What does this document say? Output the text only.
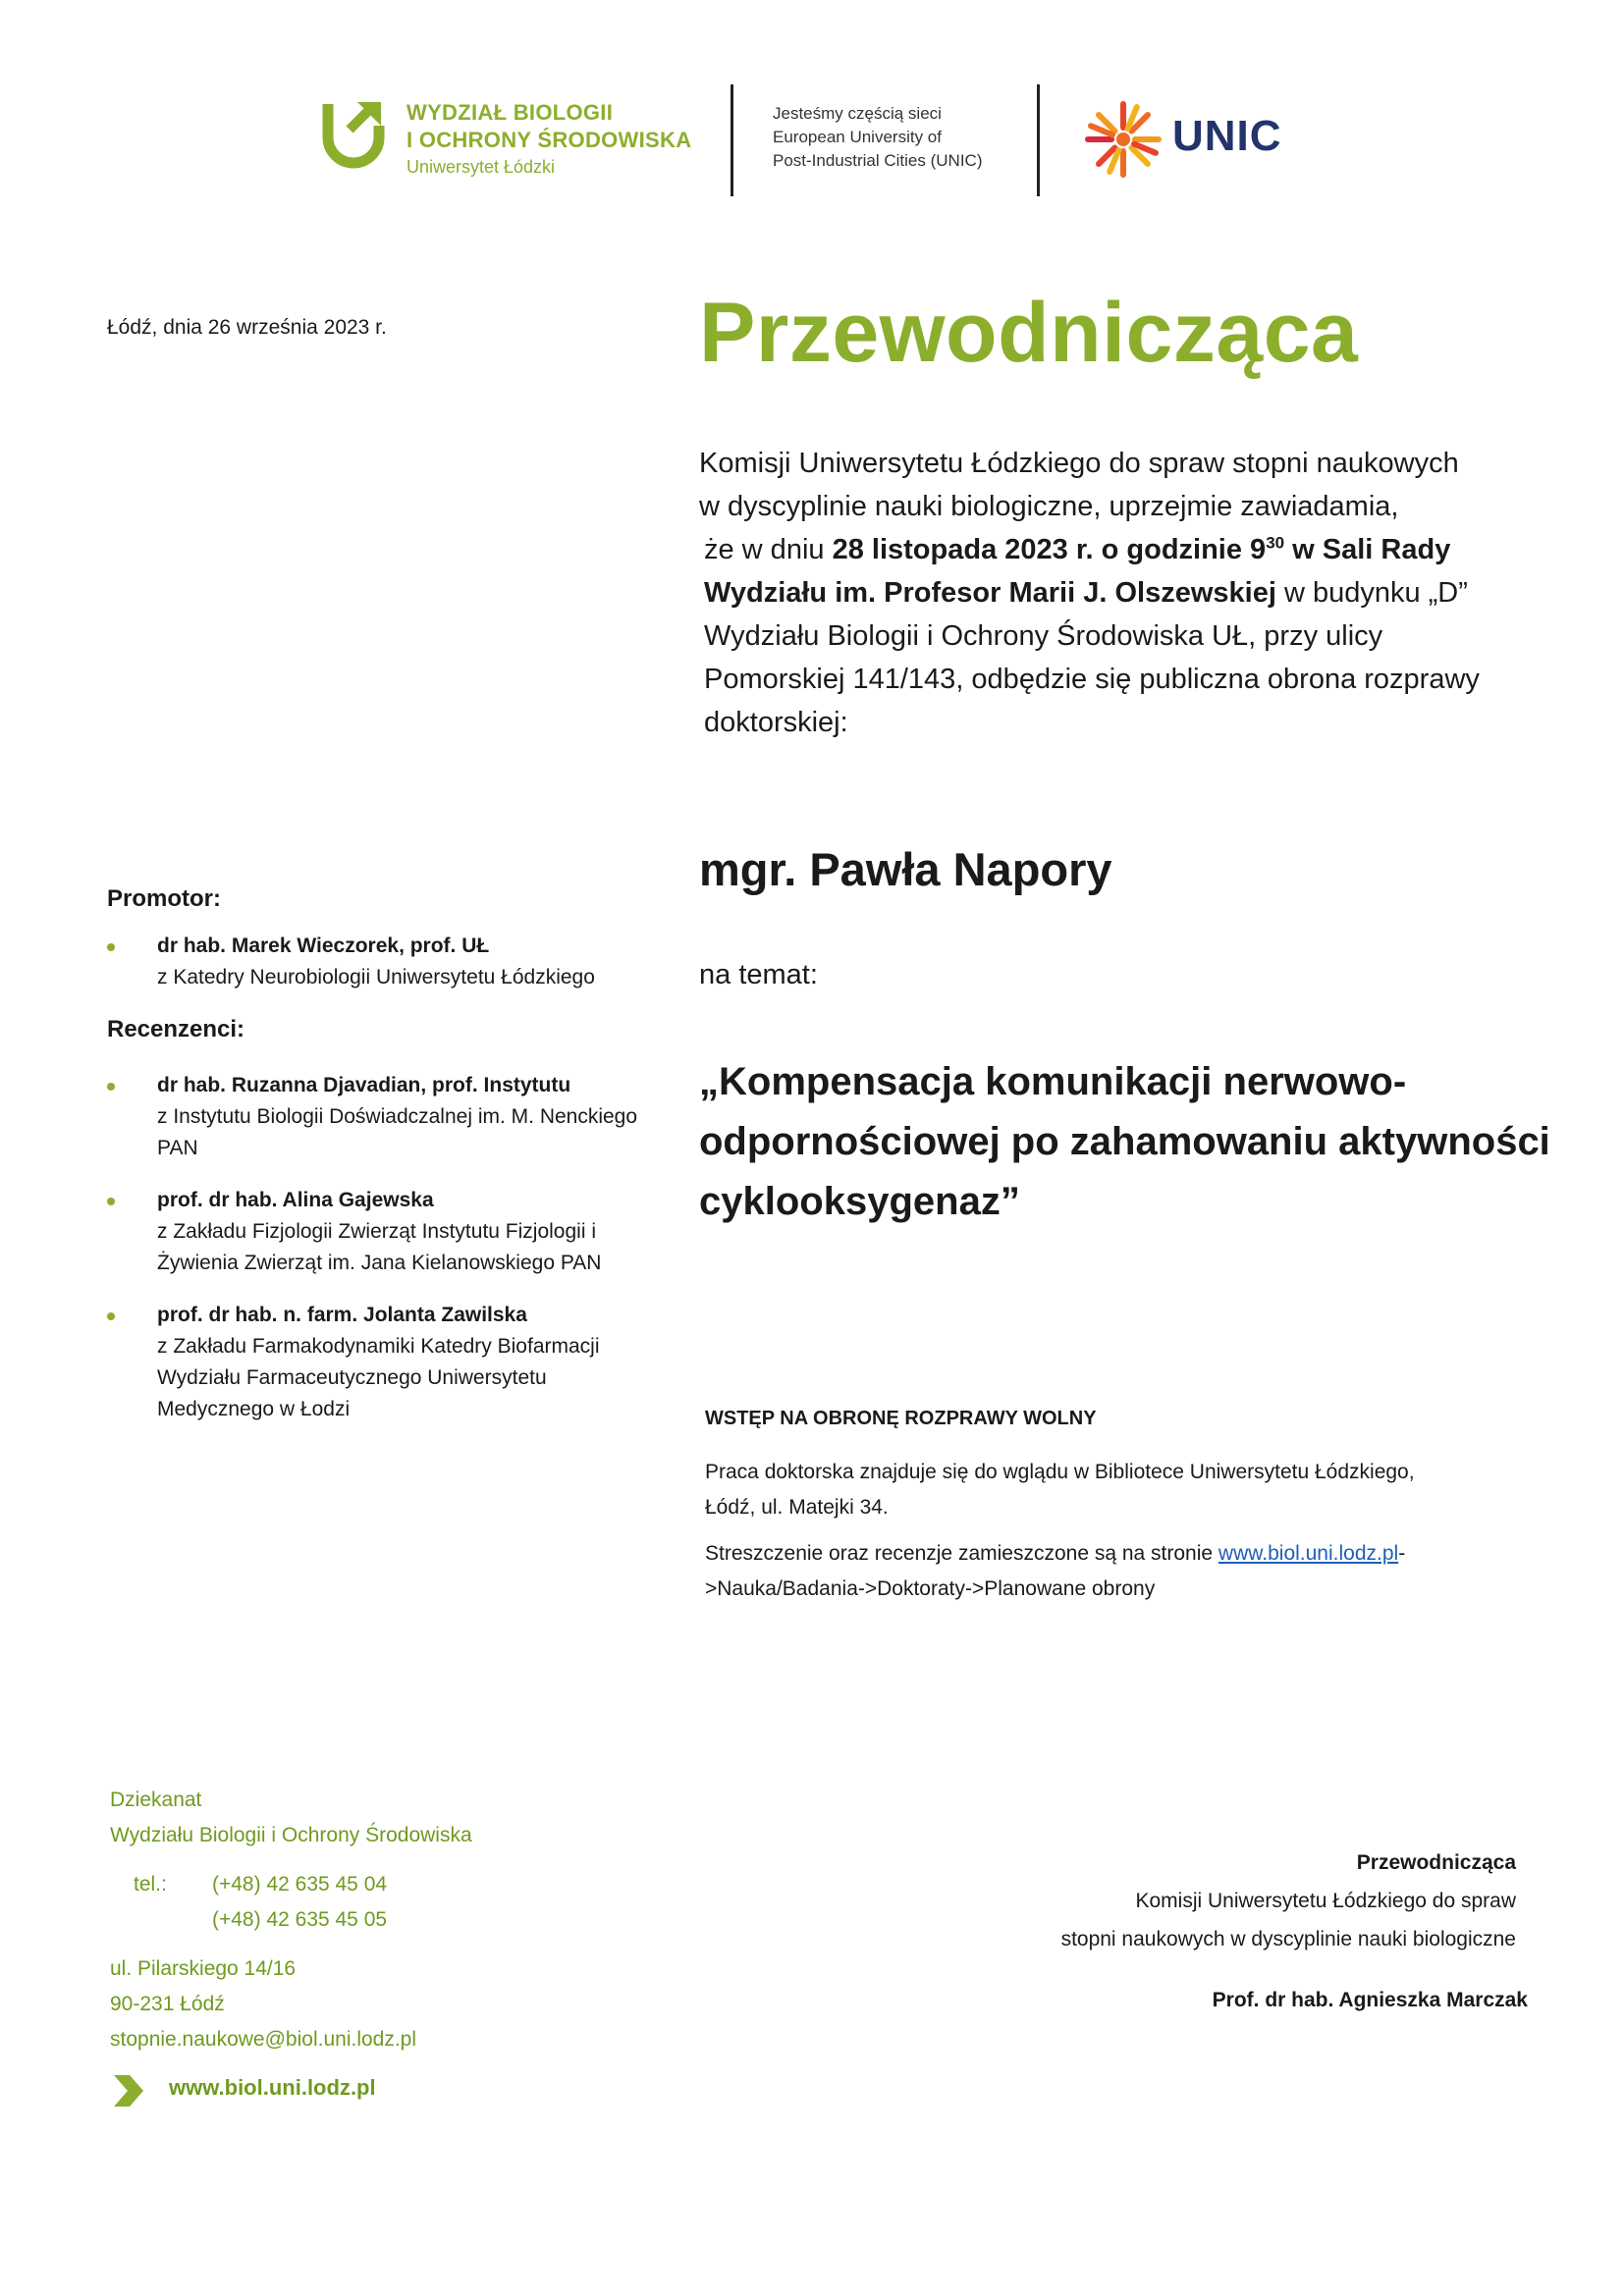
WYDZIAŁ BIOLOGII
I OCHRONY ŚRODOWISKA
Uniwersytet Łódzki
Jesteśmy częścią sieci
European University of
Post-Industrial Cities (UNIC)
UNIC
Łódź, dnia 26 września 2023 r.	Przewodnicząca
Komisji Uniwersytetu Łódzkiego do spraw stopni naukowych
w dyscyplinie nauki biologiczne, uprzejmie zawiadamia,
że w dniu 28 listopada 2023 r. o godzinie $9^{30}$ w Sali Rady
Wydziału im. Profesor Marii J. Olszewskiej w budynku „D”
Wydziału Biologii i Ochrony Środowiska UŁ, przy ulicy
Pomorskiej 141/143, odbędzie się publiczna obrona rozprawy
doktorskiej:
Promotor:
dr hab. Marek Wieczorek, prof. UŁ
z Katedry Neurobiologii Uniwersytetu Łódzkiego
Recenzenci:
dr hab. Ruzanna Djavadian, prof. Instytutu
z Instytutu Biologii Doświadczalnej im. M. Nenckiego
PAN
prof. dr hab. Alina Gajewska
z Zakładu Fizjologii Zwierząt Instytutu Fizjologii i
Żywienia Zwierząt im. Jana Kielanowskiego PAN
prof. dr hab. n. farm. Jolanta Zawilska
z Zakładu Farmakodynamiki Katedry Biofarmacji
Wydziału Farmaceutycznego Uniwersytetu
Medycznego w Łodzi
mgr. Pawła Napory
na temat:
„Kompensacja komunikacji nerwowo-
odpornościowej po zahamowaniu aktywności
cyklooksygenaz”
WSTĘP NA OBRONĘ ROZPRAWY WOLNY
Praca doktorska znajduje się do wglądu w Bibliotece Uniwersytetu Łódzkiego,
Łódź, ul. Matejki 34.
Streszczenie oraz recenzje zamieszczone są na stronie www.biol.uni.lodz.pl-
>Nauka/Badania->Doktoraty->Planowane obrony
Dziekanat
Wydziału Biologii i Ochrony Środowiska
tel.:	(+48) 42 635 45 04
(+48) 42 635 45 05
ul. Pilarskiego 14/16
90-231 Łódź
stopnie.naukowe@biol.uni.lodz.pl
www.biol.uni.lodz.pl
Przewodnicząca
Komisji Uniwersytetu Łódzkiego do spraw
stopni naukowych w dyscyplinie nauki biologiczne
Prof. dr hab. Agnieszka Marczak
